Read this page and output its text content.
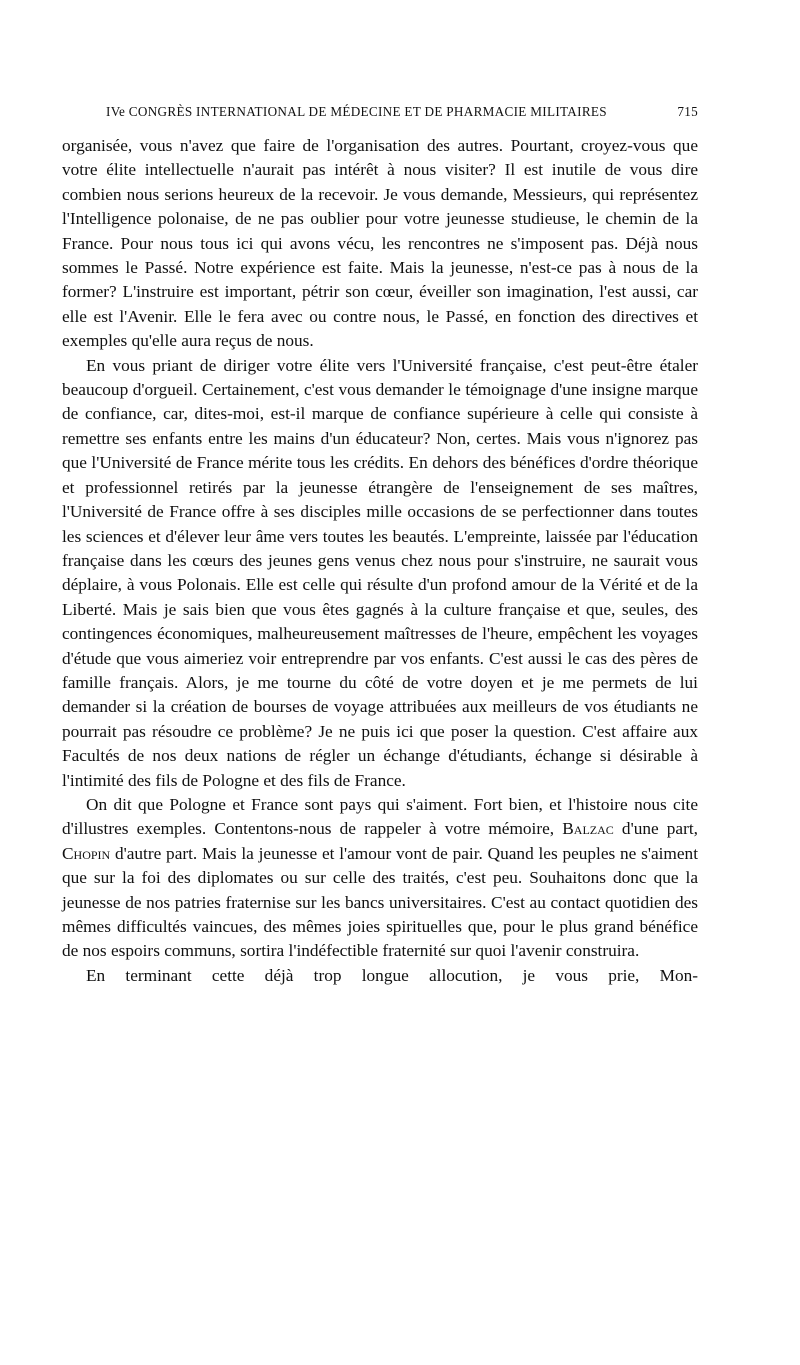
IVe CONGRÈS INTERNATIONAL DE MÉDECINE ET DE PHARMACIE MILITAIRES	715

organisée, vous n'avez que faire de l'organisation des autres. Pourtant, croyez-vous que votre élite intellectuelle n'aurait pas intérêt à nous visiter? Il est inutile de vous dire combien nous serions heureux de la recevoir. Je vous demande, Messieurs, qui représentez l'Intelligence polonaise, de ne pas oublier pour votre jeunesse studieuse, le chemin de la France. Pour nous tous ici qui avons vécu, les rencontres ne s'imposent pas. Déjà nous sommes le Passé. Notre expérience est faite. Mais la jeunesse, n'est-ce pas à nous de la former? L'instruire est important, pétrir son cœur, éveiller son imagination, l'est aussi, car elle est l'Avenir. Elle le fera avec ou contre nous, le Passé, en fonction des directives et exemples qu'elle aura reçus de nous.

En vous priant de diriger votre élite vers l'Université française, c'est peut-être étaler beaucoup d'orgueil. Certainement, c'est vous demander le témoignage d'une insigne marque de confiance, car, dites-moi, est-il marque de confiance supérieure à celle qui consiste à remettre ses enfants entre les mains d'un éducateur? Non, certes. Mais vous n'ignorez pas que l'Université de France mérite tous les crédits. En dehors des bénéfices d'ordre théorique et professionnel retirés par la jeunesse étrangère de l'enseignement de ses maîtres, l'Université de France offre à ses disciples mille occasions de se perfectionner dans toutes les sciences et d'élever leur âme vers toutes les beautés. L'empreinte, laissée par l'éducation française dans les cœurs des jeunes gens venus chez nous pour s'instruire, ne saurait vous déplaire, à vous Polonais. Elle est celle qui résulte d'un profond amour de la Vérité et de la Liberté. Mais je sais bien que vous êtes gagnés à la culture française et que, seules, des contingences économiques, malheureusement maîtresses de l'heure, empêchent les voyages d'étude que vous aimeriez voir entreprendre par vos enfants. C'est aussi le cas des pères de famille français. Alors, je me tourne du côté de votre doyen et je me permets de lui demander si la création de bourses de voyage attribuées aux meilleurs de vos étudiants ne pourrait pas résoudre ce problème? Je ne puis ici que poser la question. C'est affaire aux Facultés de nos deux nations de régler un échange d'étudiants, échange si désirable à l'intimité des fils de Pologne et des fils de France.

On dit que Pologne et France sont pays qui s'aiment. Fort bien, et l'histoire nous cite d'illustres exemples. Contentons-nous de rappeler à votre mémoire, Balzac d'une part, Chopin d'autre part. Mais la jeunesse et l'amour vont de pair. Quand les peuples ne s'aiment que sur la foi des diplomates ou sur celle des traités, c'est peu. Souhaitons donc que la jeunesse de nos patries fraternise sur les bancs universitaires. C'est au contact quotidien des mêmes difficultés vaincues, des mêmes joies spirituelles que, pour le plus grand bénéfice de nos espoirs communs, sortira l'indéfectible fraternité sur quoi l'avenir construira.

En terminant cette déjà trop longue allocution, je vous prie, Mon-
